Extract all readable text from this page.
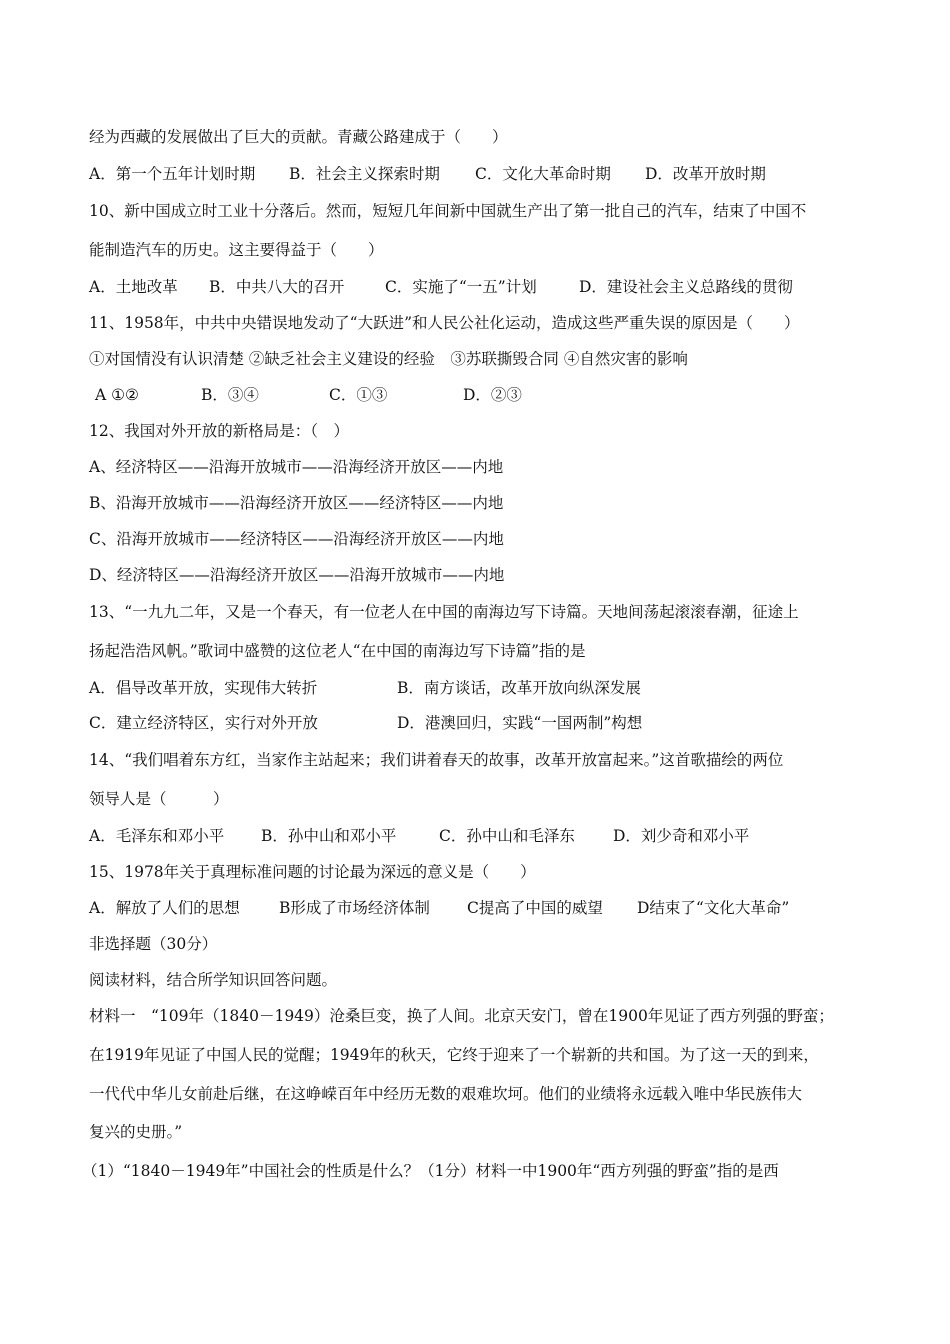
经为西藏的发展做出了巨大的贡献。青藏公路建成于（　　）
A．第一个五年计划时期	B．社会主义探索时期	C．文化大革命时期	D．改革开放时期
10、新中国成立时工业十分落后。然而，短短几年间新中国就生产出了第一批自己的汽车，结束了中国不
能制造汽车的历史。这主要得益于（　　）
A．土地改革	B．中共八大的召开	C．实施了“一五”计划	D．建设社会主义总路线的贯彻
11、1958年，中共中央错误地发动了“大跃进”和人民公社化运动，造成这些严重失误的原因是（　　）
①对国情没有认识清楚 ②缺乏社会主义建设的经验　③苏联撕毁合同 ④自然灾害的影响
A ①②	B．③④	C．①③	D．②③
12、我国对外开放的新格局是：（　）
A、经济特区——沿海开放城市——沿海经济开放区——内地
B、沿海开放城市——沿海经济开放区——经济特区——内地
C、沿海开放城市——经济特区——沿海经济开放区——内地
D、经济特区——沿海经济开放区——沿海开放城市——内地
13、“一九九二年，又是一个春天，有一位老人在中国的南海边写下诗篇。天地间荡起滚滚春潮，征途上
扬起浩浩风帆。”歌词中盛赞的这位老人“在中国的南海边写下诗篇”指的是
A．倡导改革开放，实现伟大转折	B．南方谈话，改革开放向纵深发展
C．建立经济特区，实行对外开放	D．港澳回归，实践“一国两制”构想
14、“我们唱着东方红，当家作主站起来；我们讲着春天的故事，改革开放富起来。”这首歌描绘的两位
领导人是（　　　）
A．毛泽东和邓小平	B．孙中山和邓小平	C．孙中山和毛泽东	D．刘少奇和邓小平
15、1978年关于真理标准问题的讨论最为深远的意义是（　　）
A．解放了人们的思想	B形成了市场经济体制	C提高了中国的威望	D结束了“文化大革命”
非选择题（30分）
阅读材料，结合所学知识回答问题。
材料一　“109年（1840－1949）沧桑巨变，换了人间。北京天安门，曾在1900年见证了西方列强的野蛮；
在1919年见证了中国人民的觉醒；1949年的秋天，它终于迎来了一个崭新的共和国。为了这一天的到来，
一代代中华儿女前赴后继，在这峥嵘百年中经历无数的艰难坎坷。他们的业绩将永远载入唯中华民族伟大
复兴的史册。”
（1）“1840－1949年”中国社会的性质是什么？（1分）材料一中1900年“西方列强的野蛮”指的是西
